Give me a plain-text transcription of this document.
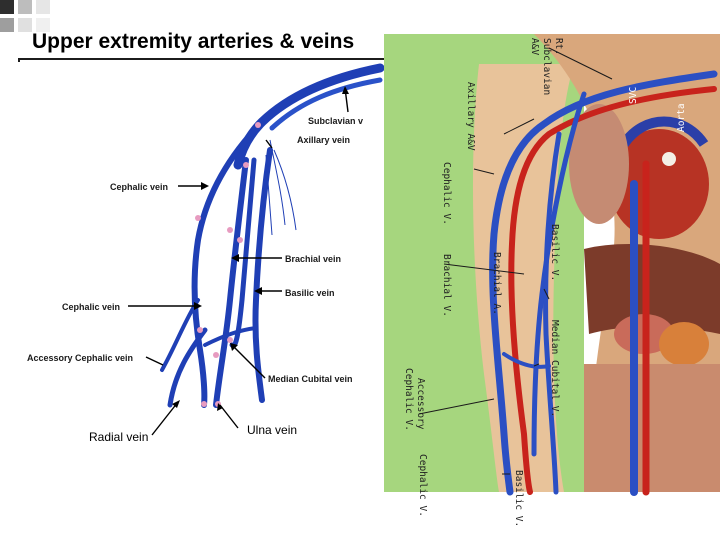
Upper extremity arteries & veins
Subclavian v
Axillary vein
Cephalic vein
Brachial vein
Basilic vein
Cephalic vein
Accessory Cephalic vein
Median Cubital vein
Radial vein	Ulna vein
Rt.
Subclavian
A&V
Axillary A&V
Cephalic V.
Brachial V.	Brachial A.	Basilic V.
Median Cubital V.
Accessory
Cephalic V.
Cephalic V.	Basilic V.
SVC
Aorta
